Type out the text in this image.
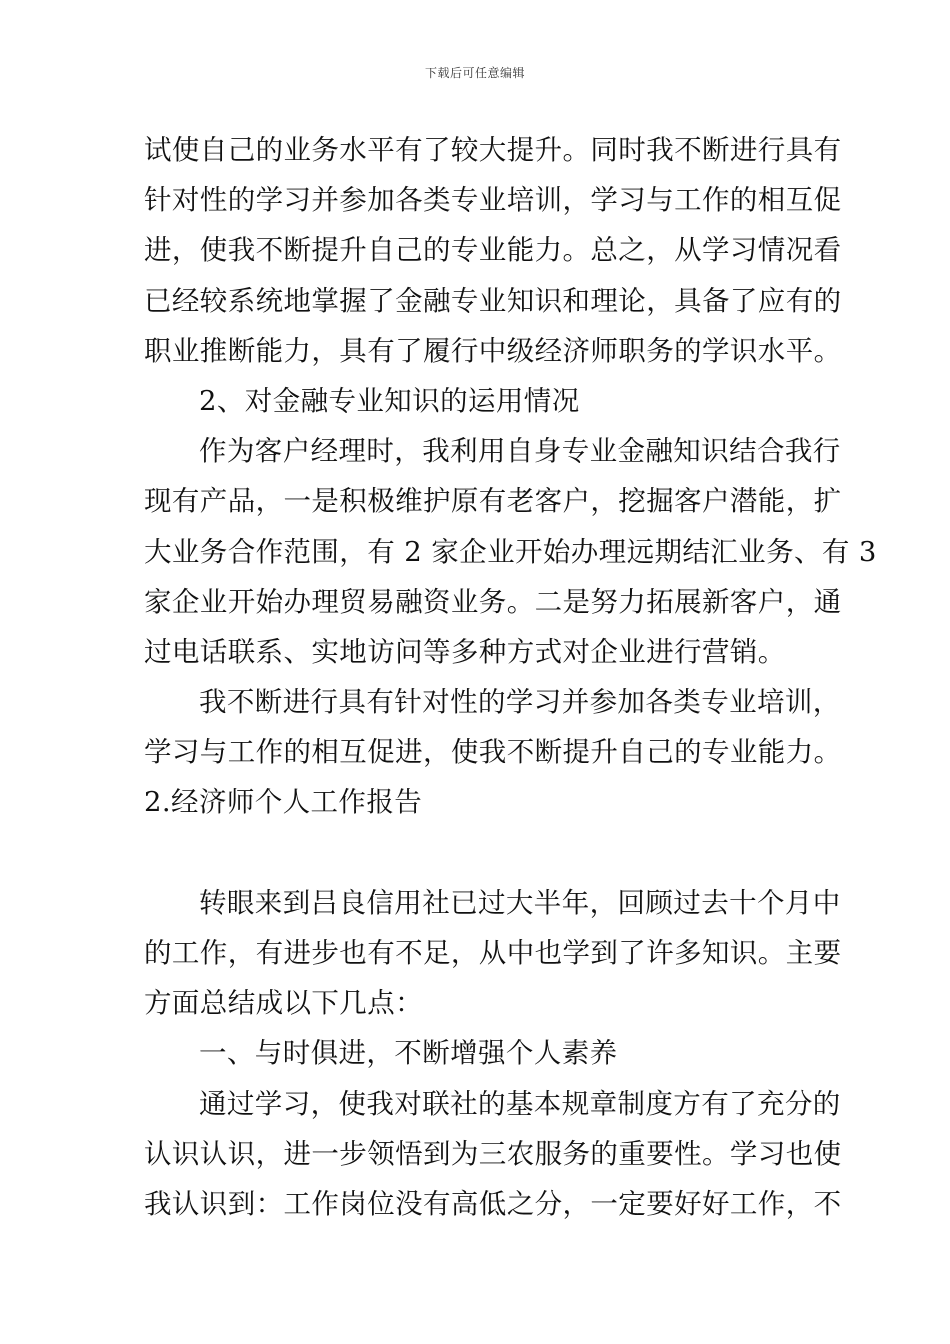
下载后可任意编辑
试使自己的业务水平有了较大提升。同时我不断进行具有
针对性的学习并参加各类专业培训，学习与工作的相互促
进，使我不断提升自己的专业能力。总之，从学习情况看
已经较系统地掌握了金融专业知识和理论，具备了应有的
职业推断能力，具有了履行中级经济师职务的学识水平。
2、对金融专业知识的运用情况
作为客户经理时，我利用自身专业金融知识结合我行
现有产品，一是积极维护原有老客户，挖掘客户潜能，扩
大业务合作范围，有 2 家企业开始办理远期结汇业务、有 3
家企业开始办理贸易融资业务。二是努力拓展新客户，通
过电话联系、实地访问等多种方式对企业进行营销。
我不断进行具有针对性的学习并参加各类专业培训，
学习与工作的相互促进，使我不断提升自己的专业能力。
2.经济师个人工作报告
转眼来到吕良信用社已过大半年，回顾过去十个月中
的工作，有进步也有不足，从中也学到了许多知识。主要
方面总结成以下几点：
一、与时俱进，不断增强个人素养
通过学习，使我对联社的基本规章制度方有了充分的
认识认识，进一步领悟到为三农服务的重要性。学习也使
我认识到：工作岗位没有高低之分，一定要好好工作，不
